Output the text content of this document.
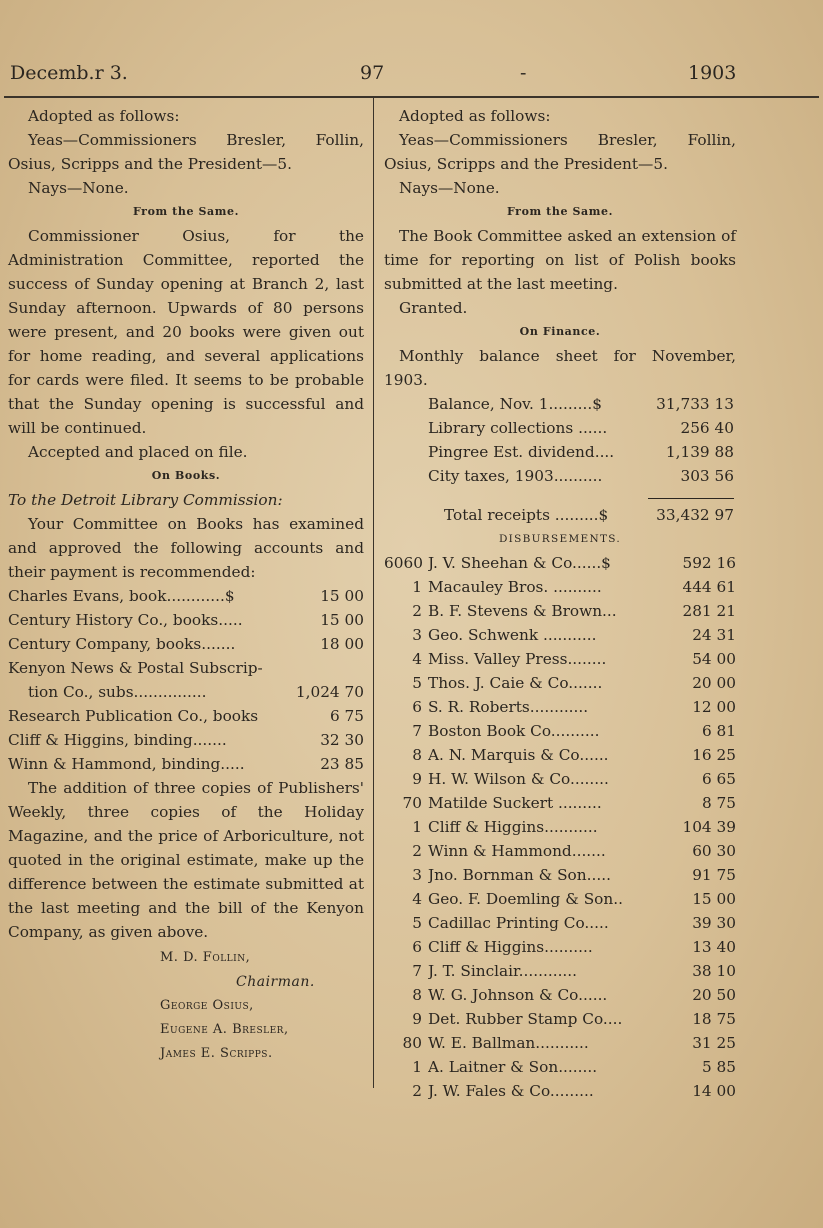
Decemb.r 3.	97	-	1903

Adopted as follows:

Yeas—Commissioners Bresler, Follin, Osius, Scripps and the President—5.

Nays—None.

From the Same.

Commissioner Osius, for the Administration Committee, reported the success of Sunday opening at Branch 2, last Sunday afternoon. Upwards of 80 persons were present, and 20 books were given out for home reading, and several applications for cards were filed. It seems to be probable that the Sunday opening is successful and will be continued.

Accepted and placed on file.

On Books.

To the Detroit Library Commission:

Your Committee on Books has examined and approved the following accounts and their payment is recommended:

Charles Evans, book............$	15 00
Century History Co., books.....	15 00
Century Company, books.......	18 00
Kenyon News & Postal Subscrip-
tion Co., subs...............	1,024 70
Research Publication Co., books	6 75
Cliff & Higgins, binding.......	32 30
Winn & Hammond, binding.....	23 85

The addition of three copies of Publishers' Weekly, three copies of the Holiday Magazine, and the price of Arboriculture, not quoted in the original estimate, make up the difference between the estimate submitted at the last meeting and the bill of the Kenyon Company, as given above.

M. D. Follin,
Chairman.
George Osius,
Eugene A. Bresler,
James E. Scripps.

Adopted as follows:

Yeas—Commissioners Bresler, Follin, Osius, Scripps and the President—5.

Nays—None.

From the Same.

The Book Committee asked an extension of time for reporting on list of Polish books submitted at the last meeting.

Granted.

On Finance.

Monthly balance sheet for November, 1903.

Balance, Nov. 1.........$	31,733 13
Library collections ......	256 40
Pingree Est. dividend....	1,139 88
City taxes, 1903..........	303 56
Total receipts .........$	33,432 97

DISBURSEMENTS.

6060 J. V. Sheehan & Co......$	592 16
1 Macauley Bros. ..........	444 61
2 B. F. Stevens & Brown...	281 21
3 Geo. Schwenk ...........	24 31
4 Miss. Valley Press........	54 00
5 Thos. J. Caie & Co.......	20 00
6 S. R. Roberts............	12 00
7 Boston Book Co..........	6 81
8 A. N. Marquis & Co......	16 25
9 H. W. Wilson & Co........	6 65
70 Matilde Suckert .........	8 75
1 Cliff & Higgins...........	104 39
2 Winn & Hammond.......	60 30
3 Jno. Bornman & Son.....	91 75
4 Geo. F. Doemling & Son..	15 00
5 Cadillac Printing Co.....	39 30
6 Cliff & Higgins..........	13 40
7 J. T. Sinclair............	38 10
8 W. G. Johnson & Co......	20 50
9 Det. Rubber Stamp Co....	18 75
80 W. E. Ballman...........	31 25
1 A. Laitner & Son........	5 85
2 J. W. Fales & Co.........	14 00
